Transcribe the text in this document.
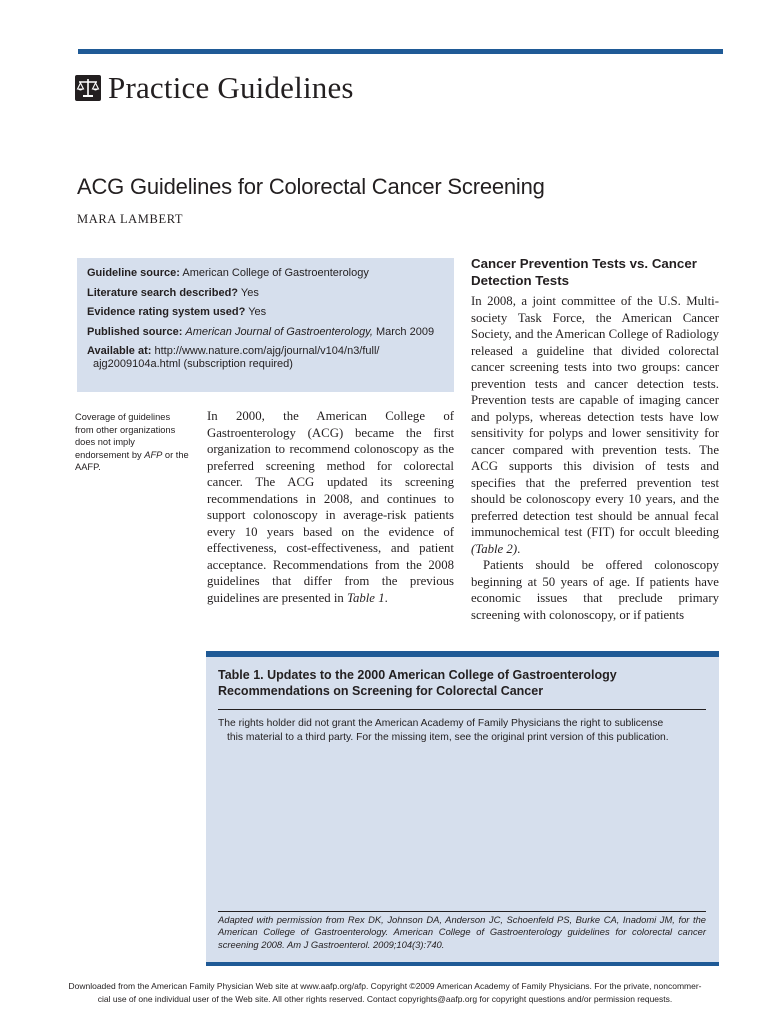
Practice Guidelines
ACG Guidelines for Colorectal Cancer Screening
MARA LAMBERT
Guideline source: American College of Gastroenterology
Literature search described? Yes
Evidence rating system used? Yes
Published source: American Journal of Gastroenterology, March 2009
Available at: http://www.nature.com/ajg/journal/v104/n3/full/
ajg2009104a.html (subscription required)
Coverage of guidelines from other organizations does not imply endorsement by AFP or the AAFP.

In 2000, the American College of Gastroenterology (ACG) became the first organization to recommend colonoscopy as the preferred screening method for colorectal cancer. The ACG updated its screening recommendations in 2008, and continues to support colonoscopy in average-risk patients every 10 years based on the evidence of effectiveness, cost-effectiveness, and patient acceptance. Recommendations from the 2008 guidelines that differ from the previous guidelines are presented in Table 1.

Cancer Prevention Tests vs. Cancer Detection Tests

In 2008, a joint committee of the U.S. Multi-society Task Force, the American Cancer Society, and the American College of Radiology released a guideline that divided colorectal cancer screening tests into two groups: cancer prevention tests and cancer detection tests. Prevention tests are capable of imaging cancer and polyps, whereas detection tests have low sensitivity for polyps and lower sensitivity for cancer compared with prevention tests. The ACG supports this division of tests and specifies that the preferred prevention test should be colonoscopy every 10 years, and the preferred detection test should be annual fecal immunochemical test (FIT) for occult bleeding (Table 2).

Patients should be offered colonoscopy beginning at 50 years of age. If patients have economic issues that preclude primary screening with colonoscopy, or if patients

Table 1. Updates to the 2000 American College of Gastroenterology Recommendations on Screening for Colorectal Cancer
The rights holder did not grant the American Academy of Family Physicians the right to sublicense
this material to a third party. For the missing item, see the original print version of this publication.
Adapted with permission from Rex DK, Johnson DA, Anderson JC, Schoenfeld PS, Burke CA, Inadomi JM, for the American College of Gastroenterology. American College of Gastroenterology guidelines for colorectal cancer screening 2008. Am J Gastroenterol. 2009;104(3):740.
Downloaded from the American Family Physician Web site at www.aafp.org/afp. Copyright ©2009 American Academy of Family Physicians. For the private, noncommer-
cial use of one individual user of the Web site. All other rights reserved. Contact copyrights@aafp.org for copyright questions and/or permission requests.
